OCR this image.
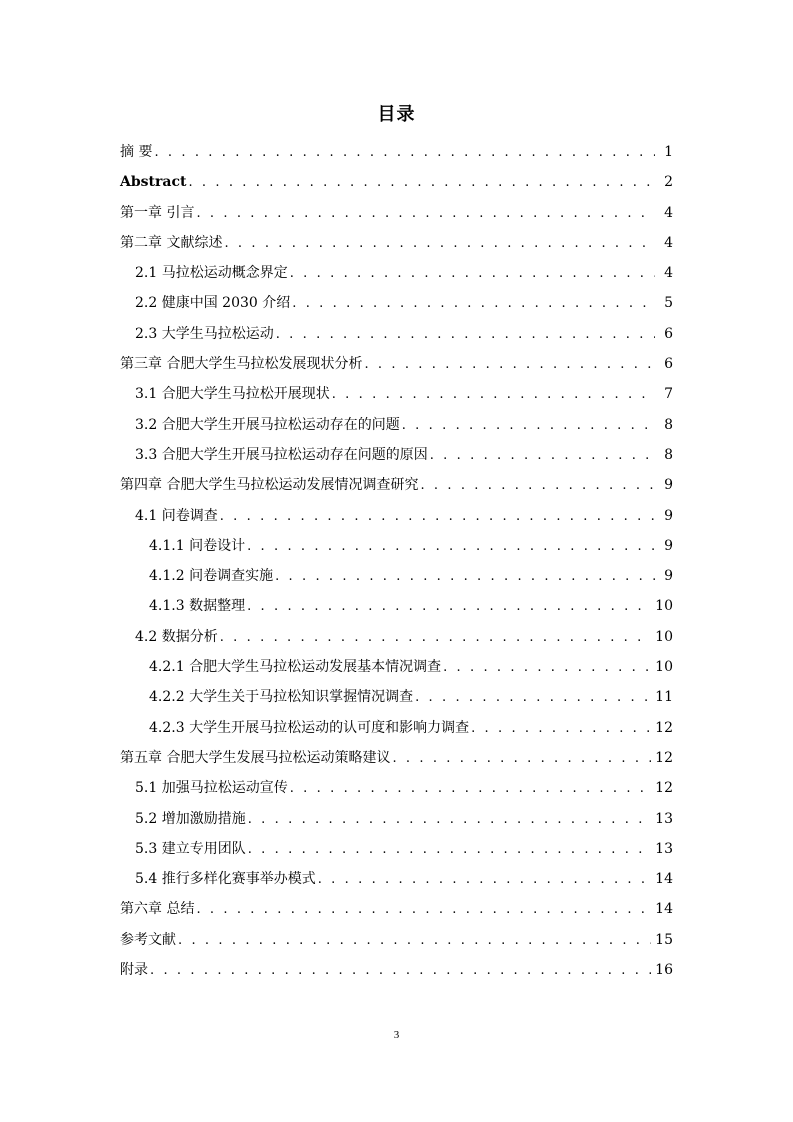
目录
摘 要 . . .	1
Abstract . . .	2
第一章 引言 . . .	4
第二章 文献综述 . . .	4
2.1 马拉松运动概念界定 . . .	4
2.2 健康中国 2030 介绍 . . .	5
2.3 大学生马拉松运动 . . .	6
第三章 合肥大学生马拉松发展现状分析 . . .	6
3.1 合肥大学生马拉松开展现状 . . .	7
3.2 合肥大学生开展马拉松运动存在的问题 . . .	8
3.3 合肥大学生开展马拉松运动存在问题的原因 . . .	8
第四章 合肥大学生马拉松运动发展情况调查研究 . . .	9
4.1 问卷调查 . . .	9
4.1.1 问卷设计 . . .	9
4.1.2 问卷调查实施 . . .	9
4.1.3 数据整理 . . .	10
4.2 数据分析 . . .	10
4.2.1 合肥大学生马拉松运动发展基本情况调查 . . .	10
4.2.2 大学生关于马拉松知识掌握情况调查 . . .	11
4.2.3 大学生开展马拉松运动的认可度和影响力调查 . . .	12
第五章 合肥大学生发展马拉松运动策略建议 . . .	12
5.1 加强马拉松运动宣传 . . .	12
5.2 增加激励措施 . . .	13
5.3 建立专用团队 . . .	13
5.4 推行多样化赛事举办模式 . . .	14
第六章 总结 . . .	14
参考文献 . . .	15
附录 . . .	16
3
